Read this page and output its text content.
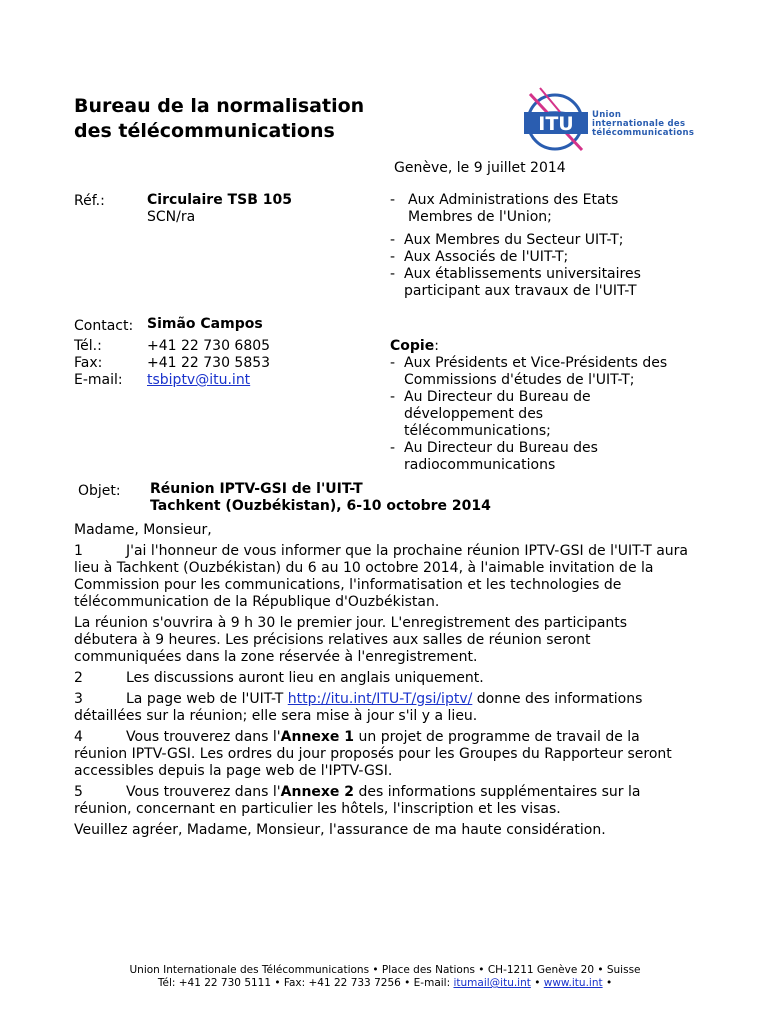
Bureau de la normalisation
des télécommunications	ITU Union
internationale des
télécommunications
Genève, le 9 juillet 2014
Réf.:	Circulaire TSB 105
SCN/ra
- Aux Administrations des Etats Membres de l'Union;
- Aux Membres du Secteur UIT-T;
- Aux Associés de l'UIT-T;
- Aux établissements universitaires participant aux travaux de l'UIT-T
Contact: Simão Campos
Tél.:	+41 22 730 6805
Fax:	+41 22 730 5853
E-mail: tsbiptv@itu.int
Copie:
- Aux Présidents et Vice-Présidents des Commissions d'études de l'UIT-T;
- Au Directeur du Bureau de développement des télécommunications;
- Au Directeur du Bureau des radiocommunications
Objet: Réunion IPTV-GSI de l'UIT-T
Tachkent (Ouzbékistan), 6-10 octobre 2014

Madame, Monsieur,

1	J'ai l'honneur de vous informer que la prochaine réunion IPTV-GSI de l'UIT-T aura lieu à Tachkent (Ouzbékistan) du 6 au 10 octobre 2014, à l'aimable invitation de la Commission pour les communications, l'informatisation et les technologies de télécommunication de la République d'Ouzbékistan.

La réunion s'ouvrira à 9 h 30 le premier jour. L'enregistrement des participants débutera à 9 heures. Les précisions relatives aux salles de réunion seront communiquées dans la zone réservée à l'enregistrement.

2	Les discussions auront lieu en anglais uniquement.

3	La page web de l'UIT-T http://itu.int/ITU-T/gsi/iptv/ donne des informations détaillées sur la réunion; elle sera mise à jour s'il y a lieu.

4	Vous trouverez dans l'Annexe 1 un projet de programme de travail de la réunion IPTV-GSI. Les ordres du jour proposés pour les Groupes du Rapporteur seront accessibles depuis la page web de l'IPTV-GSI.

5	Vous trouverez dans l'Annexe 2 des informations supplémentaires sur la réunion, concernant en particulier les hôtels, l'inscription et les visas.

Veuillez agréer, Madame, Monsieur, l'assurance de ma haute considération.

Union Internationale des Télécommunications • Place des Nations • CH-1211 Genève 20 • Suisse
Tél: +41 22 730 5111 • Fax: +41 22 733 7256 • E-mail: itumail@itu.int • www.itu.int •
